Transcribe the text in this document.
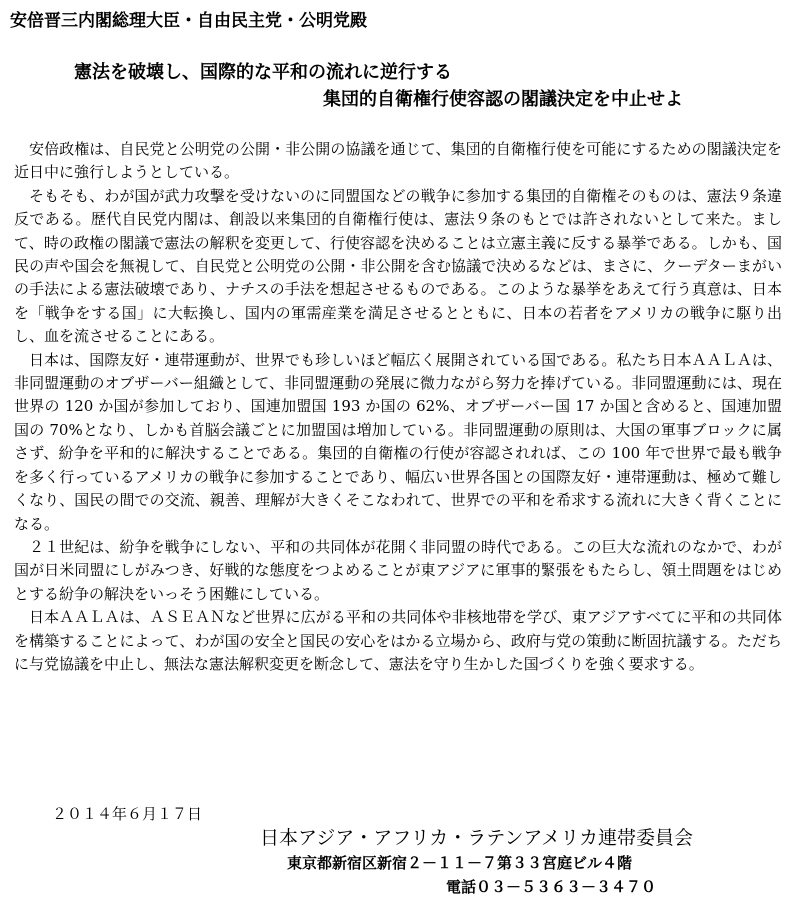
安倍晋三内閣総理大臣・自由民主党・公明党殿
憲法を破壊し、国際的な平和の流れに逆行する
集団的自衛権行使容認の閣議決定を中止せよ

安倍政権は、自民党と公明党の公開・非公開の協議を通じて、集団的自衛権行使を可能にするための閣議決定を近日中に強行しようとしている。

そもそも、わが国が武力攻撃を受けないのに同盟国などの戦争に参加する集団的自衛権そのものは、憲法９条違反である。歴代自民党内閣は、創設以来集団的自衛権行使は、憲法９条のもとでは許されないとして来た。まして、時の政権の閣議で憲法の解釈を変更して、行使容認を決めることは立憲主義に反する暴挙である。しかも、国民の声や国会を無視して、自民党と公明党の公開・非公開を含む協議で決めるなどは、まさに、クーデターまがいの手法による憲法破壊であり、ナチスの手法を想起させるものである。このような暴挙をあえて行う真意は、日本を「戦争をする国」に大転換し、国内の軍需産業を満足させるとともに、日本の若者をアメリカの戦争に駆り出し、血を流させることにある。

日本は、国際友好・連帯運動が、世界でも珍しいほど幅広く展開されている国である。私たち日本ＡＡＬＡは、非同盟運動のオブザーバー組織として、非同盟運動の発展に微力ながら努力を捧げている。非同盟運動には、現在世界の 120 か国が参加しており、国連加盟国 193 か国の 62%、オブザーバー国 17 か国と含めると、国連加盟国の 70%となり、しかも首脳会議ごとに加盟国は増加している。非同盟運動の原則は、大国の軍事ブロックに属さず、紛争を平和的に解決することである。集団的自衛権の行使が容認されれば、この 100 年で世界で最も戦争を多く行っているアメリカの戦争に参加することであり、幅広い世界各国との国際友好・連帯運動は、極めて難しくなり、国民の間での交流、親善、理解が大きくそこなわれて、世界での平和を希求する流れに大きく背くことになる。

２１世紀は、紛争を戦争にしない、平和の共同体が花開く非同盟の時代である。この巨大な流れのなかで、わが国が日米同盟にしがみつき、好戦的な態度をつよめることが東アジアに軍事的緊張をもたらし、領土問題をはじめとする紛争の解決をいっそう困難にしている。

日本ＡＡＬＡは、ＡＳＥＡＮなど世界に広がる平和の共同体や非核地帯を学び、東アジアすべてに平和の共同体を構築することによって、わが国の安全と国民の安心をはかる立場から、政府与党の策動に断固抗議する。ただちに与党協議を中止し、無法な憲法解釈変更を断念して、憲法を守り生かした国づくりを強く要求する。

２０１４年６月１７日
日本アジア・アフリカ・ラテンアメリカ連帯委員会
東京都新宿区新宿２－１１－７第３３宮庭ビル４階
電話０３－５３６３－３４７０
